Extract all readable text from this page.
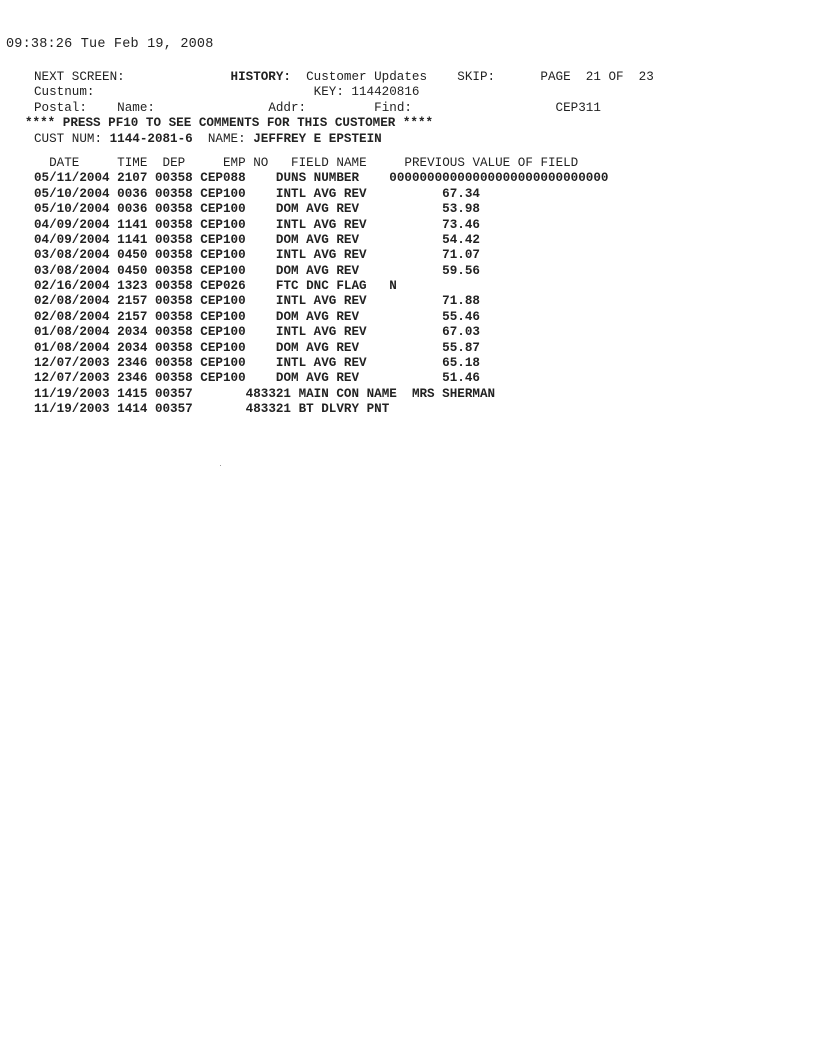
09:38:26 Tue Feb 19, 2008
NEXT SCREEN:	HISTORY: Customer Updates SKIP:	PAGE  21 OF  23
Custnum:	KEY: 114420816
Postal: Name:	Addr:	Find:	CEP311
**** PRESS PF10 TO SEE COMMENTS FOR THIS CUSTOMER ****
CUST NUM: 1144-2081-6 NAME: JEFFREY E EPSTEIN
DATE	TIME DEP	EMP NO FIELD NAME	PREVIOUS VALUE OF FIELD
05/11/2004 2107 00358 CEP088 DUNS NUMBER 00000000000000000000000000000
05/10/2004 0036 00358 CEP100 INTL AVG REV	67.34
05/10/2004 0036 00358 CEP100 DOM AVG REV	53.98
04/09/2004 1141 00358 CEP100 INTL AVG REV	73.46
04/09/2004 1141 00358 CEP100 DOM AVG REV	54.42
03/08/2004 0450 00358 CEP100 INTL AVG REV	71.07
03/08/2004 0450 00358 CEP100 DOM AVG REV	59.56
02/16/2004 1323 00358 CEP026 FTC DNC FLAG N
02/08/2004 2157 00358 CEP100 INTL AVG REV	71.88
02/08/2004 2157 00358 CEP100 DOM AVG REV	55.46
01/08/2004 2034 00358 CEP100 INTL AVG REV	67.03
01/08/2004 2034 00358 CEP100 DOM AVG REV	55.87
12/07/2003 2346 00358 CEP100 INTL AVG REV	65.18
12/07/2003 2346 00358 CEP100 DOM AVG REV	51.46
11/19/2003 1415 00357	483321 MAIN CON NAME MRS SHERMAN
11/19/2003 1414 00357	483321 BT DLVRY PNT
